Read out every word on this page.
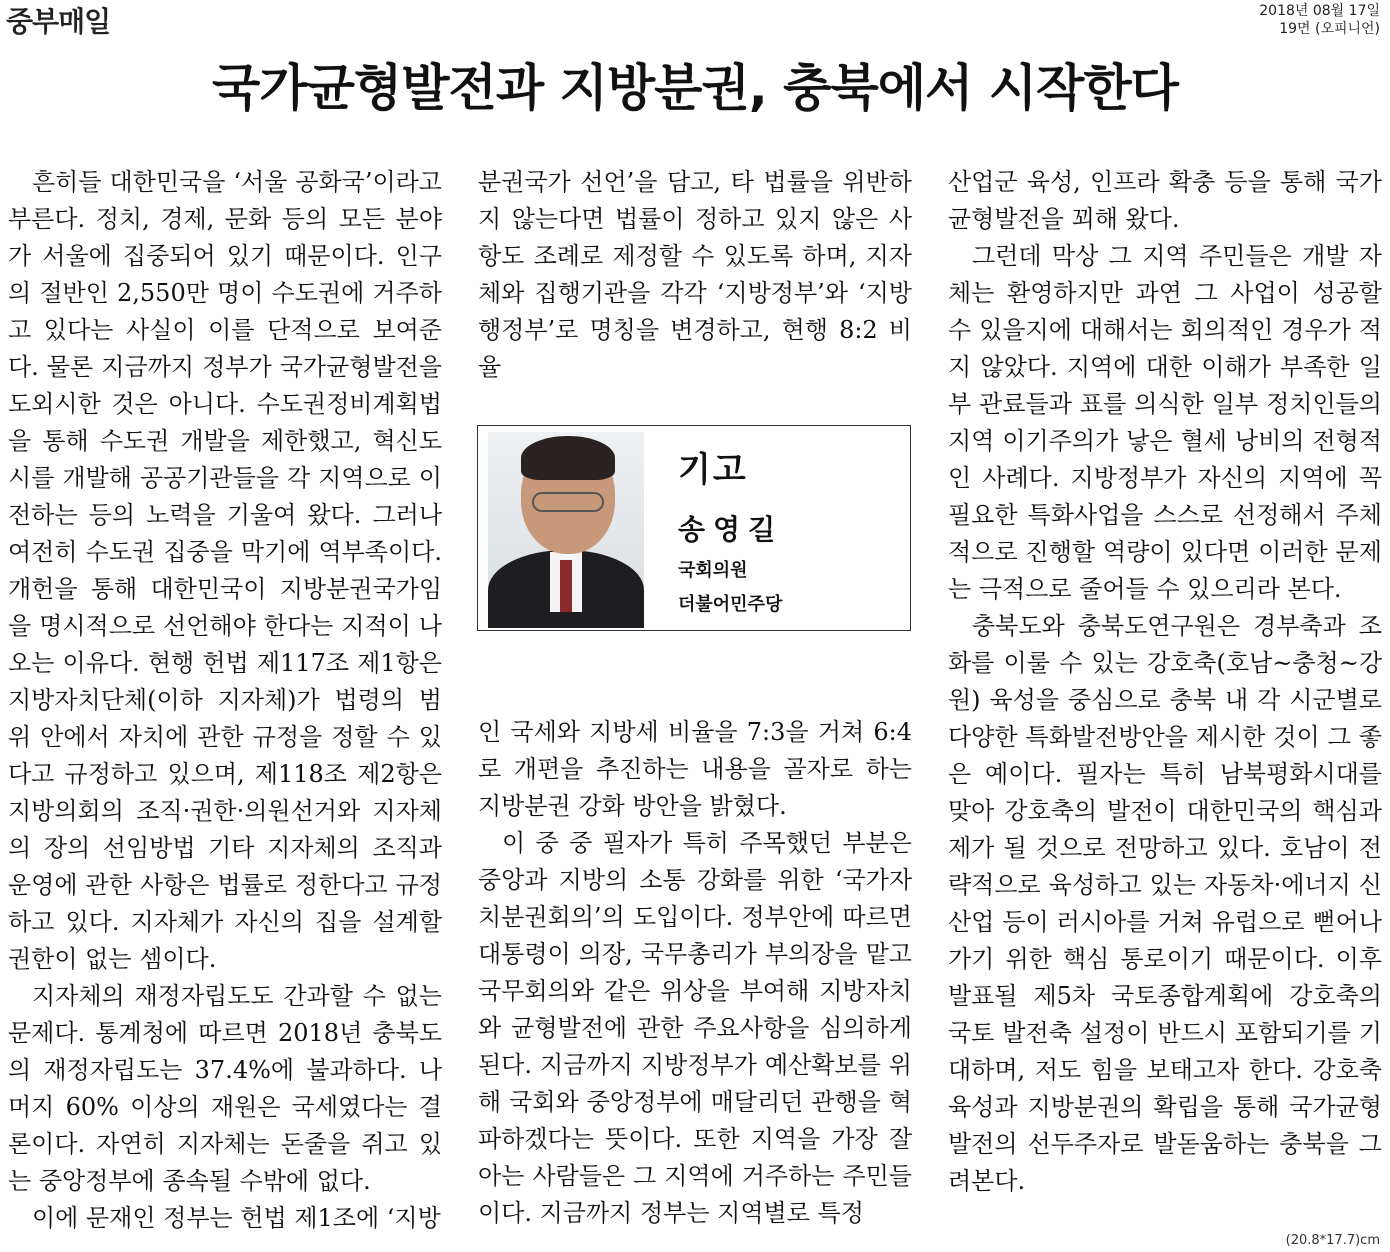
중부매일	2018년 08월 17일
19면 (오피니언)
국가균형발전과 지방분권, 충북에서 시작한다

흔히들 대한민국을 ‘서울 공화국’이라고 부른다. 정치, 경제, 문화 등의 모든 분야가 서울에 집중되어 있기 때문이다. 인구의 절반인 2,550만 명이 수도권에 거주하고 있다는 사실이 이를 단적으로 보여준다. 물론 지금까지 정부가 국가균형발전을 도외시한 것은 아니다. 수도권정비계획법을 통해 수도권 개발을 제한했고, 혁신도시를 개발해 공공기관들을 각 지역으로 이전하는 등의 노력을 기울여 왔다. 그러나 여전히 수도권 집중을 막기에 역부족이다. 개헌을 통해 대한민국이 지방분권국가임을 명시적으로 선언해야 한다는 지적이 나오는 이유다. 현행 헌법 제117조 제1항은 지방자치단체(이하 지자체)가 법령의 범위 안에서 자치에 관한 규정을 정할 수 있다고 규정하고 있으며, 제118조 제2항은 지방의회의 조직·권한·의원선거와 지자체의 장의 선임방법 기타 지자체의 조직과 운영에 관한 사항은 법률로 정한다고 규정하고 있다. 지자체가 자신의 집을 설계할 권한이 없는 셈이다.

지자체의 재정자립도도 간과할 수 없는 문제다. 통계청에 따르면 2018년 충북도의 재정자립도는 37.4%에 불과하다. 나머지 60% 이상의 재원은 국세였다는 결론이다. 자연히 지자체는 돈줄을 쥐고 있는 중앙정부에 종속될 수밖에 없다.

이에 문재인 정부는 헌법 제1조에 ‘지방

분권국가 선언’을 담고, 타 법률을 위반하지 않는다면 법률이 정하고 있지 않은 사항도 조례로 제정할 수 있도록 하며, 지자체와 집행기관을 각각 ‘지방정부’와 ‘지방행정부’로 명칭을 변경하고, 현행 8:2 비율

기고
송영길
국회의원
더불어민주당

인 국세와 지방세 비율을 7:3을 거쳐 6:4로 개편을 추진하는 내용을 골자로 하는 지방분권 강화 방안을 밝혔다.

이 중 중 필자가 특히 주목했던 부분은 중앙과 지방의 소통 강화를 위한 ‘국가자치분권회의’의 도입이다. 정부안에 따르면 대통령이 의장, 국무총리가 부의장을 맡고 국무회의와 같은 위상을 부여해 지방자치와 균형발전에 관한 주요사항을 심의하게 된다. 지금까지 지방정부가 예산확보를 위해 국회와 중앙정부에 매달리던 관행을 혁파하겠다는 뜻이다. 또한 지역을 가장 잘 아는 사람들은 그 지역에 거주하는 주민들이다. 지금까지 정부는 지역별로 특정

산업군 육성, 인프라 확충 등을 통해 국가균형발전을 꾀해 왔다.

그런데 막상 그 지역 주민들은 개발 자체는 환영하지만 과연 그 사업이 성공할 수 있을지에 대해서는 회의적인 경우가 적지 않았다. 지역에 대한 이해가 부족한 일부 관료들과 표를 의식한 일부 정치인들의 지역 이기주의가 낳은 혈세 낭비의 전형적인 사례다. 지방정부가 자신의 지역에 꼭 필요한 특화사업을 스스로 선정해서 주체적으로 진행할 역량이 있다면 이러한 문제는 극적으로 줄어들 수 있으리라 본다.

충북도와 충북도연구원은 경부축과 조화를 이룰 수 있는 강호축(호남~충청~강원) 육성을 중심으로 충북 내 각 시군별로 다양한 특화발전방안을 제시한 것이 그 좋은 예이다. 필자는 특히 남북평화시대를 맞아 강호축의 발전이 대한민국의 핵심과제가 될 것으로 전망하고 있다. 호남이 전략적으로 육성하고 있는 자동차·에너지 신산업 등이 러시아를 거쳐 유럽으로 뻗어나가기 위한 핵심 통로이기 때문이다. 이후 발표될 제5차 국토종합계획에 강호축의 국토 발전축 설정이 반드시 포함되기를 기대하며, 저도 힘을 보태고자 한다. 강호축 육성과 지방분권의 확립을 통해 국가균형발전의 선두주자로 발돋움하는 충북을 그려본다.

(20.8*17.7)cm
